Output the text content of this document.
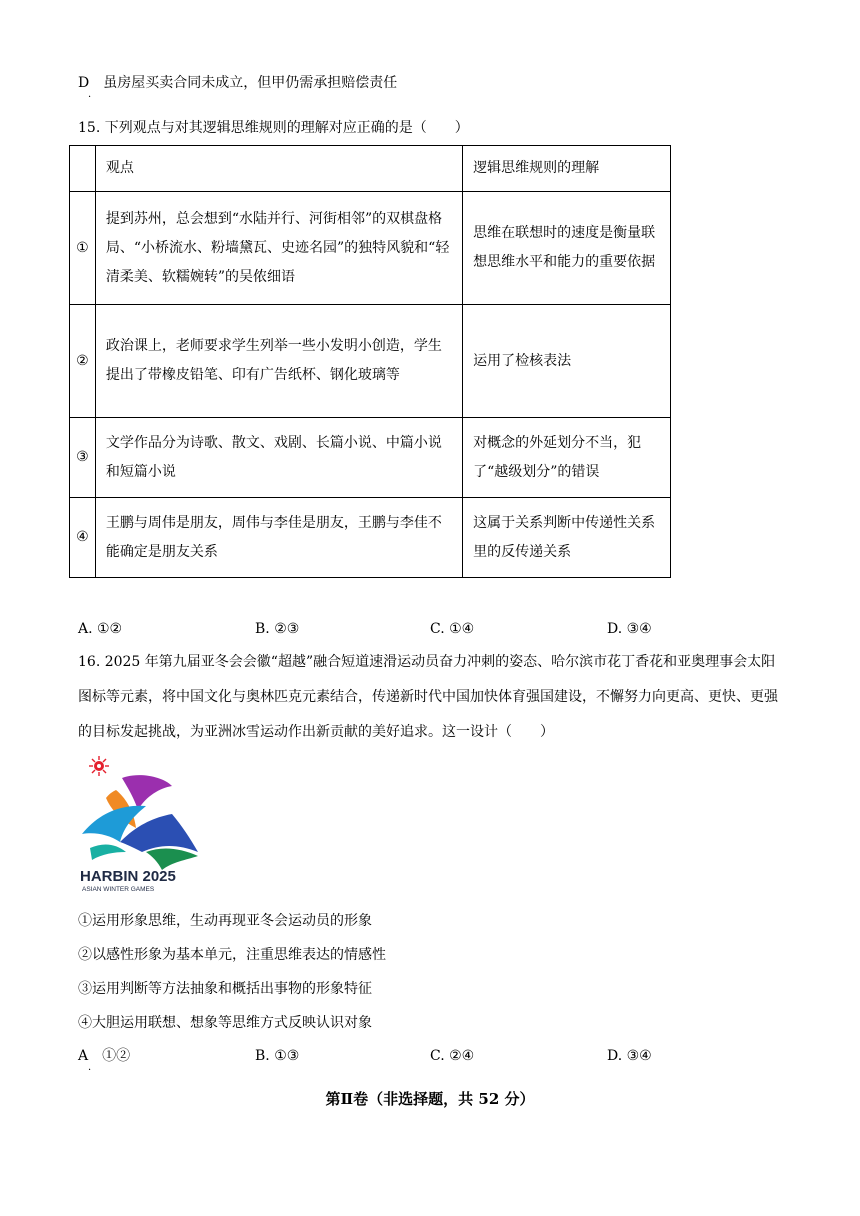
D　虽房屋买卖合同未成立，但甲仍需承担赔偿责任
·
15. 下列观点与对其逻辑思维规则的理解对应正确的是（　　）
	观点	逻辑思维规则的理解
①	提到苏州，总会想到“水陆并行、河街相邻”的双棋盘格局、“小桥流水、粉墙黛瓦、史迹名园”的独特风貌和“轻清柔美、软糯婉转”的吴侬细语	思维在联想时的速度是衡量联想思维水平和能力的重要依据
②	政治课上，老师要求学生列举一些小发明小创造，学生提出了带橡皮铅笔、印有广告纸杯、钢化玻璃等	运用了检核表法
③	文学作品分为诗歌、散文、戏剧、长篇小说、中篇小说和短篇小说	对概念的外延划分不当，犯了“越级划分”的错误
④	王鹏与周伟是朋友，周伟与李佳是朋友，王鹏与李佳不能确定是朋友关系	这属于关系判断中传递性关系里的反传递关系
A. ①②	B. ②③	C. ①④	D. ③④
16. 2025 年第九届亚冬会会徽“超越”融合短道速滑运动员奋力冲刺的姿态、哈尔滨市花丁香花和亚奥理事会太阳图标等元素，将中国文化与奥林匹克元素结合，传递新时代中国加快体育强国建设，不懈努力向更高、更快、更强的目标发起挑战，为亚洲冰雪运动作出新贡献的美好追求。这一设计（　　）
HARBIN 2025
ASIAN WINTER GAMES
①运用形象思维，生动再现亚冬会运动员的形象
②以感性形象为基本单元，注重思维表达的情感性
③运用判断等方法抽象和概括出事物的形象特征
④大胆运用联想、想象等思维方式反映认识对象
A　①②
·
B. ①③	C. ②④	D. ③④
第Ⅱ卷（非选择题，共 52 分）
